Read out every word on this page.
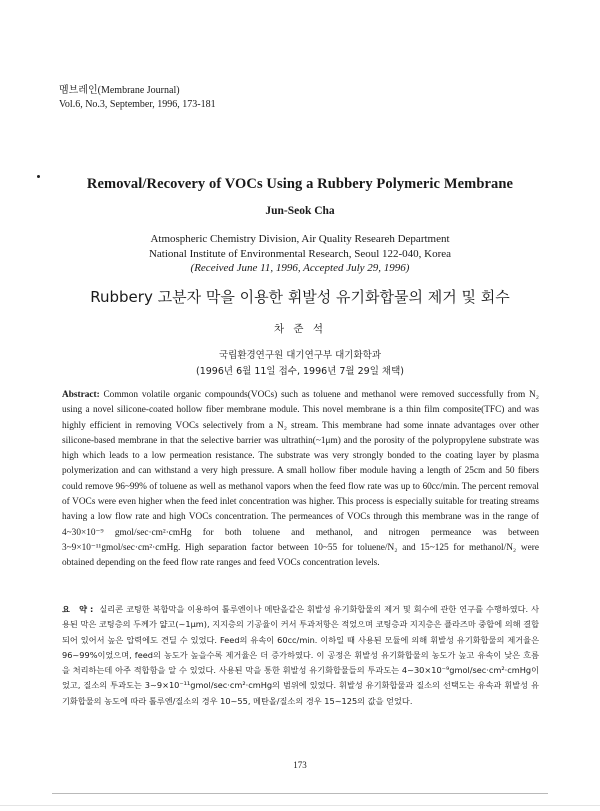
멤브레인(Membrane Journal)
Vol.6, No.3, September, 1996, 173-181
Removal/Recovery of VOCs Using a Rubbery Polymeric Membrane
Jun-Seok Cha
Atmospheric Chemistry Division, Air Quality Researeh Department
National Institute of Environmental Research, Seoul 122-040, Korea
(Received June 11, 1996, Accepted July 29, 1996)
Rubbery 고분자 막을 이용한 휘발성 유기화합물의 제거 및 회수
차 준 석
국립환경연구원 대기연구부 대기화학과
(1996년 6월 11일 접수, 1996년 7월 29일 채택)
Abstract: Common volatile organic compounds(VOCs) such as toluene and methanol were removed successfully from N₂ using a novel silicone-coated hollow fiber membrane module. This novel membrane is a thin film composite(TFC) and was highly efficient in removing VOCs selectively from a N₂ stream. This membrane had some innate advantages over other silicone-based membrane in that the selective barrier was ultrathin(~1μm) and the porosity of the polypropylene substrate was high which leads to a low permeation resistance. The substrate was very strongly bonded to the coating layer by plasma polymerization and can withstand a very high pressure. A small hollow fiber module having a length of 25cm and 50 fibers could remove 96~99% of toluene as well as methanol vapors when the feed flow rate was up to 60cc/min. The percent removal of VOCs were even higher when the feed inlet concentration was higher. This process is especially suitable for treating streams having a low flow rate and high VOCs concentration. The permeances of VOCs through this membrane was in the range of 4~30×10⁻⁹ gmol/sec·cm²·cmHg for both toluene and methanol, and nitrogen permeance was between 3~9×10⁻¹¹gmol/sec·cm²·cmHg. High separation factor between 10~55 for toluene/N₂ and 15~125 for methanol/N₂ were obtained depending on the feed flow rate ranges and feed VOCs concentration levels.
요 약: 실리콘 코팅한 복합막을 이용하여 톨루엔이나 메탄올같은 휘발성 유기화합물의 제거 및 회수에 관한 연구를 수행하였다. 사용된 막은 코팅층의 두께가 얇고(~1μm), 지지층의 기공율이 커서 투과저항은 적었으며 코팅층과 지지층은 플라즈마 중합에 의해 결합되어 있어서 높은 압력에도 견딜 수 있었다. Feed의 유속이 60cc/min. 이하일 때 사용된 모듈에 의해 휘발성 유기화합물의 제거율은 96~99%이었으며, feed의 농도가 높을수록 제거율은 더 증가하였다. 이 공정은 휘발성 유기화합물의 농도가 높고 유속이 낮은 흐름을 처리하는데 아주 적합함을 알 수 있었다. 사용된 막을 통한 휘발성 유기화합물들의 투과도는 4~30×10⁻⁹gmol/sec·cm²·cmHg이었고, 질소의 투과도는 3~9×10⁻¹¹gmol/sec·cm²·cmHg의 범위에 있었다. 휘발성 유기화합물과 질소의 선택도는 유속과 휘발성 유기화합물의 농도에 따라 톨루엔/질소의 경우 10~55, 메탄올/질소의 경우 15~125의 값을 얻었다.
173
